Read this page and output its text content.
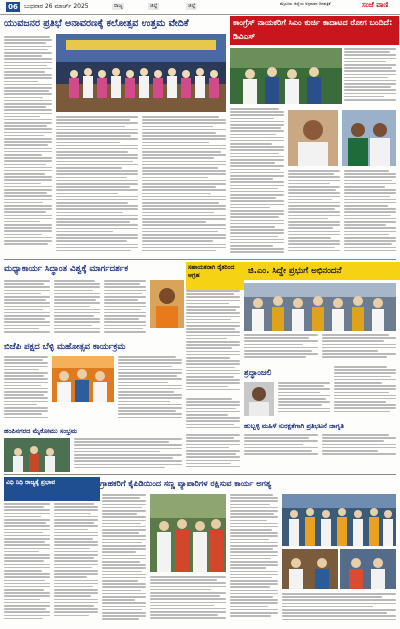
06	ಬುಧವಾರ 26 ಮಾರ್ಚ್ 2025	ರಾಜ್ಯ	ಜಿಲ್ಲೆ	ಜಿಲ್ಲೆ	ಮೈಸೂರು ಜಿಲ್ಲೆಯ ಅಗ್ರಮಾನ ದಿನಪತ್ರಿಕೆ	ಸಂಜೆ ವಾಣಿ
ಯುವಜನರ ಪ್ರತಿಭೆ ಅನಾವರಣಕ್ಕೆ ಕಲೋತ್ಸವ ಉತ್ತಮ ವೇದಿಕೆ	ಕಾಂಗ್ರೆಸ್ ನಾಯಕರಿಗೆ ಸಿಎಂ ಕುರ್ಚಿ ಕಾದಾಟದ ರೋಗ ಬಂದಿದೆ: ಡಿವಿಎಸ್
ಮಧ್ಯಾಕಾರ್ಯ ಸಿದ್ಧಾಂತ ವಿಶ್ವಕ್ಕೆ ಮಾರ್ಗದರ್ಶಕ	ಸಹಾಯಕನಾಗಿ ರೈತರಿಂದ ಆಗ್ರಹ	ಜಿ.ಎಂ. ಸಿದ್ದೇ ಪ್ರಭುಗೆ ಅಭಿನಂದನೆ
ಬಿಜೆಪಿ ಪಕ್ಷದ ಬೆಳ್ಳಿ ಮಹೋತ್ಸವ ಕಾರ್ಯಕ್ರಮ
ಶ್ರದ್ಧಾಂಜಲಿ
ಹುಬ್ಬಳ್ಳಿ ಮಹಿಳೆ ಸುರಕ್ಷತೆಗಾಗಿ ಪ್ರತಿಭಟನೆ ಜಾಗೃತಿ
ಹಂಪಿನಗರದ ಮೈಕೋಮು ಸಂಭ್ರಮ
ವಿಧಿ ನಿಧಿ ರಾಜ್ಯಕ್ಕೆ ಪ್ರಭಾವ	ಗ್ರಾಹಕರಿಗೆ ಕೈಪಿಡಿಯಿಂದ ಸಣ್ಣ ವ್ಯಾಪಾರಿಗಳ ರಕ್ಷಿಸುವ ಕಾರ್ಯ ಅಗತ್ಯ
